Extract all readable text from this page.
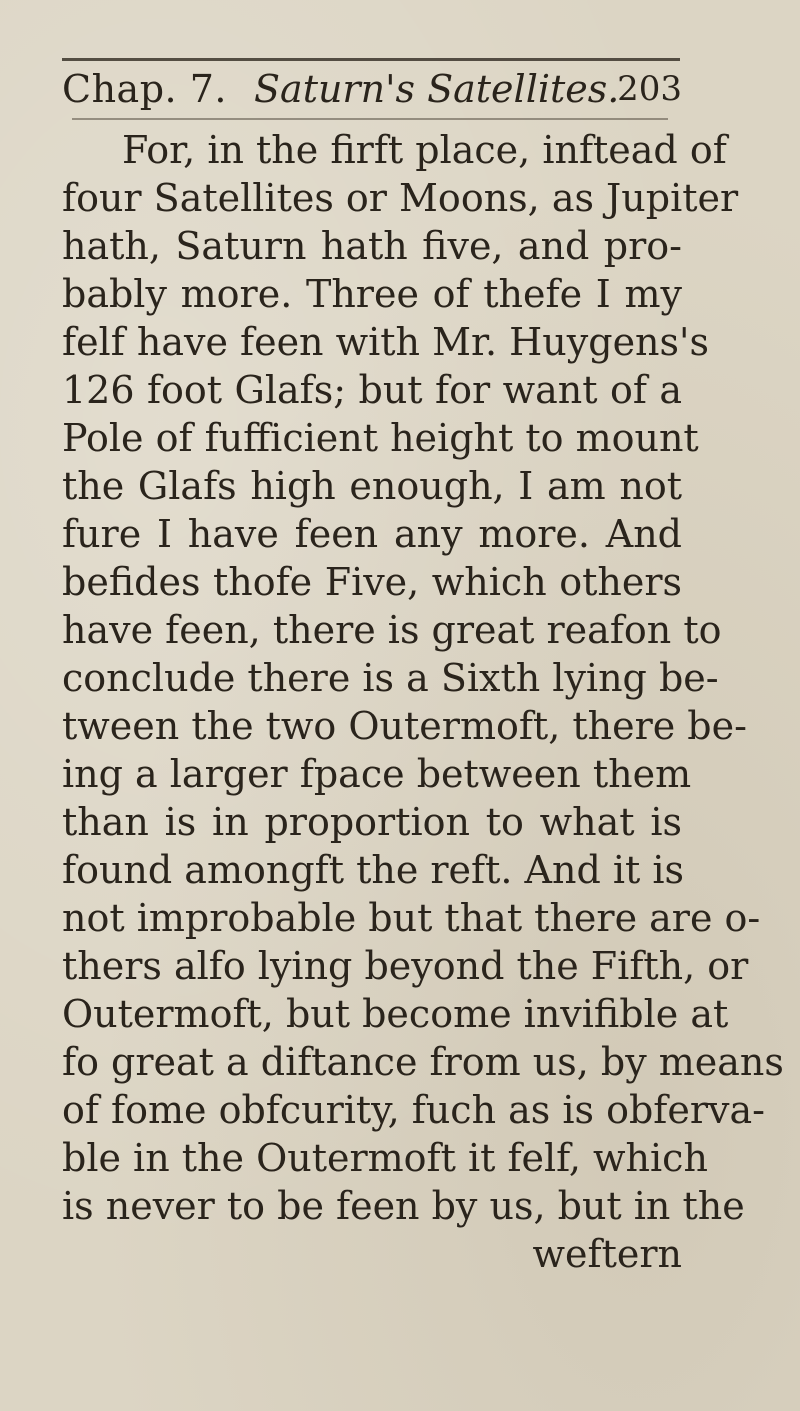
Chap. 7. Saturn's Satellites.
203
For, in the firft place, inftead of
four Satellites or Moons, as Jupiter
hath, Saturn hath five, and pro-
bably more. Three of thefe I my
felf have feen with Mr. Huygens's
126 foot Glafs; but for want of a
Pole of fufficient height to mount
the Glafs high enough, I am not
fure I have feen any more. And
befides thofe Five, which others
have feen, there is great reafon to
conclude there is a Sixth lying be-
tween the two Outermoft, there be-
ing a larger fpace between them
than is in proportion to what is
found amongft the reft. And it is
not improbable but that there are o-
thers alfo lying beyond the Fifth, or
Outermoft, but become invifible at
fo great a diftance from us, by means
of fome obfcurity, fuch as is obferva-
ble in the Outermoft it felf, which
is never to be feen by us, but in the
weftern
